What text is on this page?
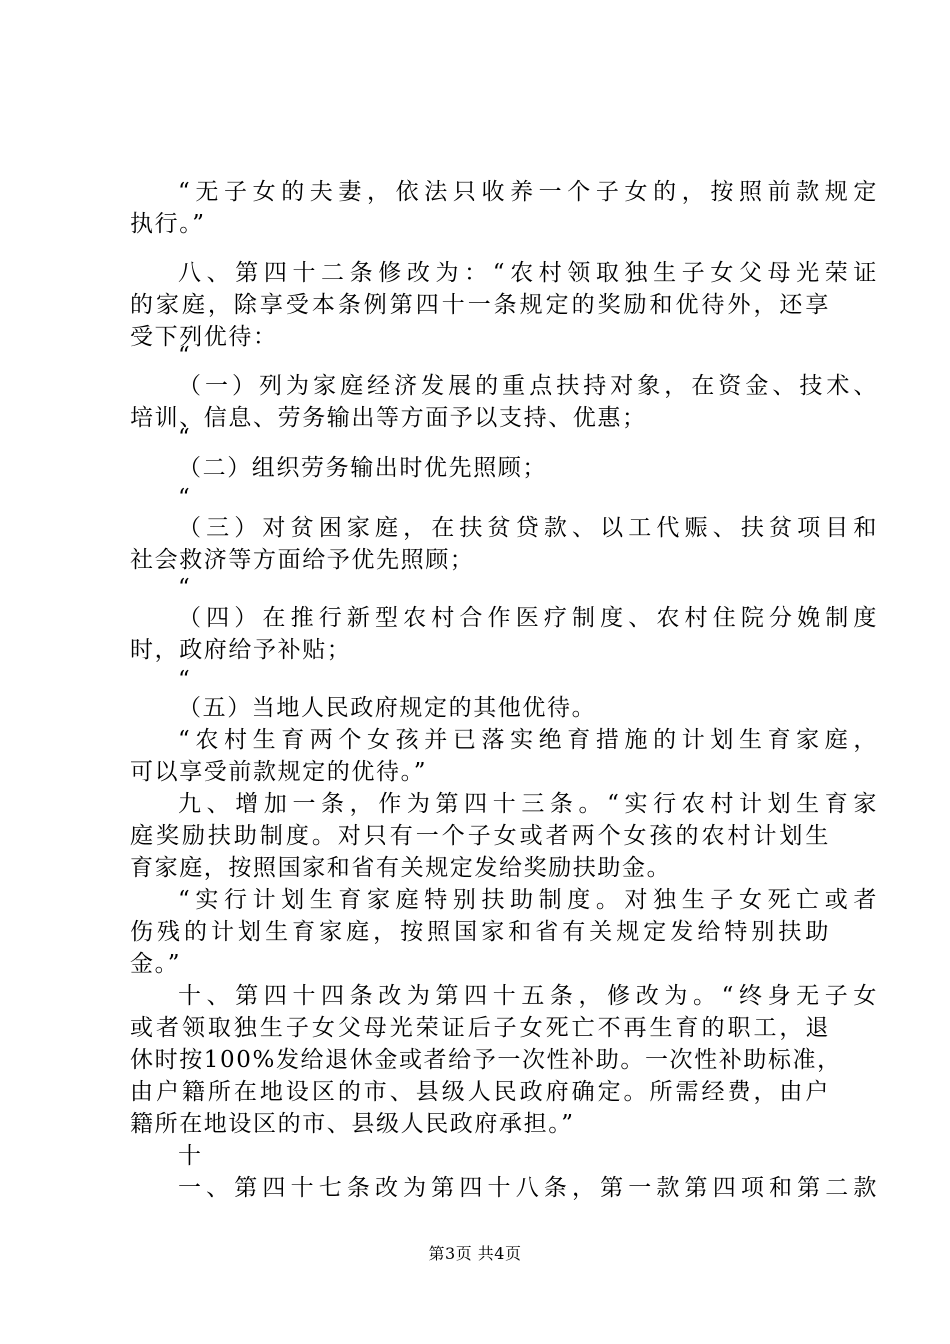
“无子女的夫妻，依法只收养一个子女的，按照前款规定
执行。”
八、第四十二条修改为：“农村领取独生子女父母光荣证
的家庭，除享受本条例第四十一条规定的奖励和优待外，还享
受下列优待：
“
（一）列为家庭经济发展的重点扶持对象，在资金、技术、
培训、信息、劳务输出等方面予以支持、优惠；
“
（二）组织劳务输出时优先照顾；
“
（三）对贫困家庭，在扶贫贷款、以工代赈、扶贫项目和
社会救济等方面给予优先照顾；
“
（四）在推行新型农村合作医疗制度、农村住院分娩制度
时，政府给予补贴；
“
（五）当地人民政府规定的其他优待。
“农村生育两个女孩并已落实绝育措施的计划生育家庭，
可以享受前款规定的优待。”
九、增加一条，作为第四十三条。“实行农村计划生育家
庭奖励扶助制度。对只有一个子女或者两个女孩的农村计划生
育家庭，按照国家和省有关规定发给奖励扶助金。
“实行计划生育家庭特别扶助制度。对独生子女死亡或者
伤残的计划生育家庭，按照国家和省有关规定发给特别扶助
金。”
十、第四十四条改为第四十五条，修改为。“终身无子女
或者领取独生子女父母光荣证后子女死亡不再生育的职工，退
休时按100%发给退休金或者给予一次性补助。一次性补助标准，
由户籍所在地设区的市、县级人民政府确定。所需经费，由户
籍所在地设区的市、县级人民政府承担。”
十
一、第四十七条改为第四十八条，第一款第四项和第二款
第3页 共4页
